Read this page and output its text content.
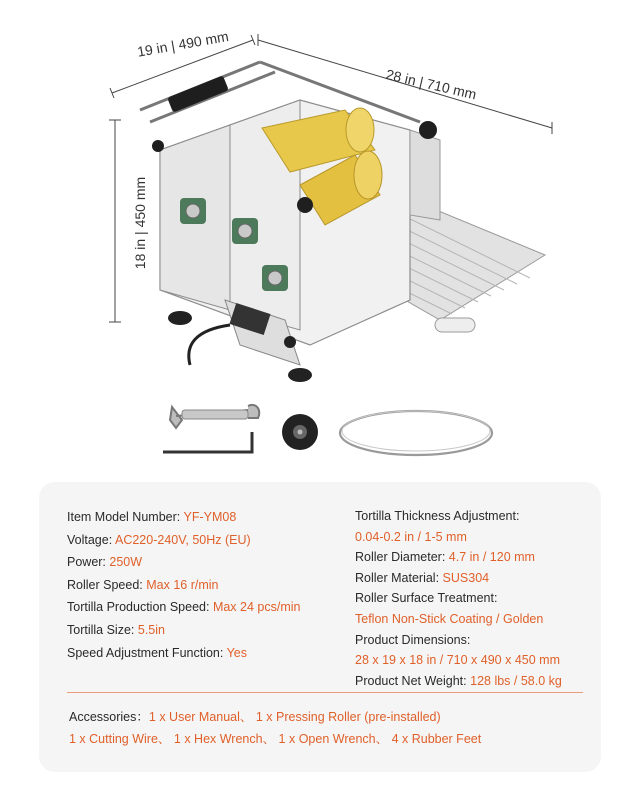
19 in | 490 mm
28 in | 710 mm
18 in | 450 mm
Item Model Number: YF-YM08
Voltage: AC220-240V, 50Hz (EU)
Power: 250W
Roller Speed: Max 16 r/min
Tortilla Production Speed: Max 24 pcs/min
Tortilla Size: 5.5in
Speed Adjustment Function: Yes
Tortilla Thickness Adjustment:
0.04-0.2 in / 1-5 mm
Roller Diameter: 4.7 in / 120 mm
Roller Material: SUS304
Roller Surface Treatment:
Teflon Non-Stick Coating / Golden
Product Dimensions:
28 x 19 x 18 in / 710 x 490 x 450 mm
Product Net Weight: 128 lbs / 58.0 kg
Accessories：1 x User Manual、 1 x Pressing Roller (pre-installed)
1 x Cutting Wire、 1 x Hex Wrench、 1 x Open Wrench、 4 x Rubber Feet
